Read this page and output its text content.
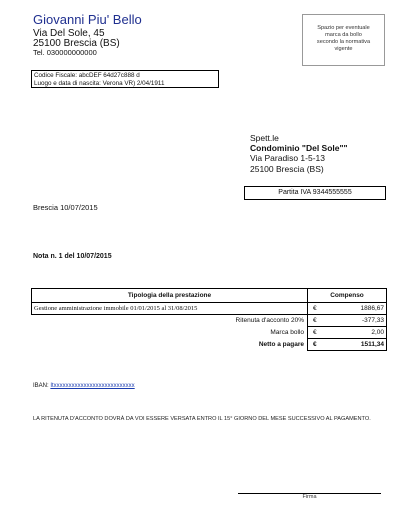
Giovanni Piu' Bello
Via Del Sole, 45
25100 Brescia (BS)
Tel. 030000000000
Spazio per eventuale
marca da bollo
secondo la normativa
vigente
Codice Fiscale: abcDEF 64d27c888 d
Luogo e data di nascita: Verona VR) 2/04/1911
Spett.le
Condominio "Del Sole""
Via Paradiso 1-5-13
25100 Brescia (BS)
Partita IVA 9344555555
Brescia 10/07/2015
Nota n. 1 del 10/07/2015
Tipologia della prestazione	Compenso	
Gestione amministrazione immobile 01/01/2015 al 31/08/2015	€	1886,67
Ritenuta d'acconto 20%	€	-377,33
Marca bollo	€	2,00
Netto a pagare	€	1511,34
IBAN: Itxxxxxxxxxxxxxxxxxxxxxxxxxxx
LA RITENUTA D'ACCONTO DOVRÀ DA VOI ESSERE VERSATA ENTRO IL 15° GIORNO DEL MESE SUCCESSIVO AL PAGAMENTO.
Firma
